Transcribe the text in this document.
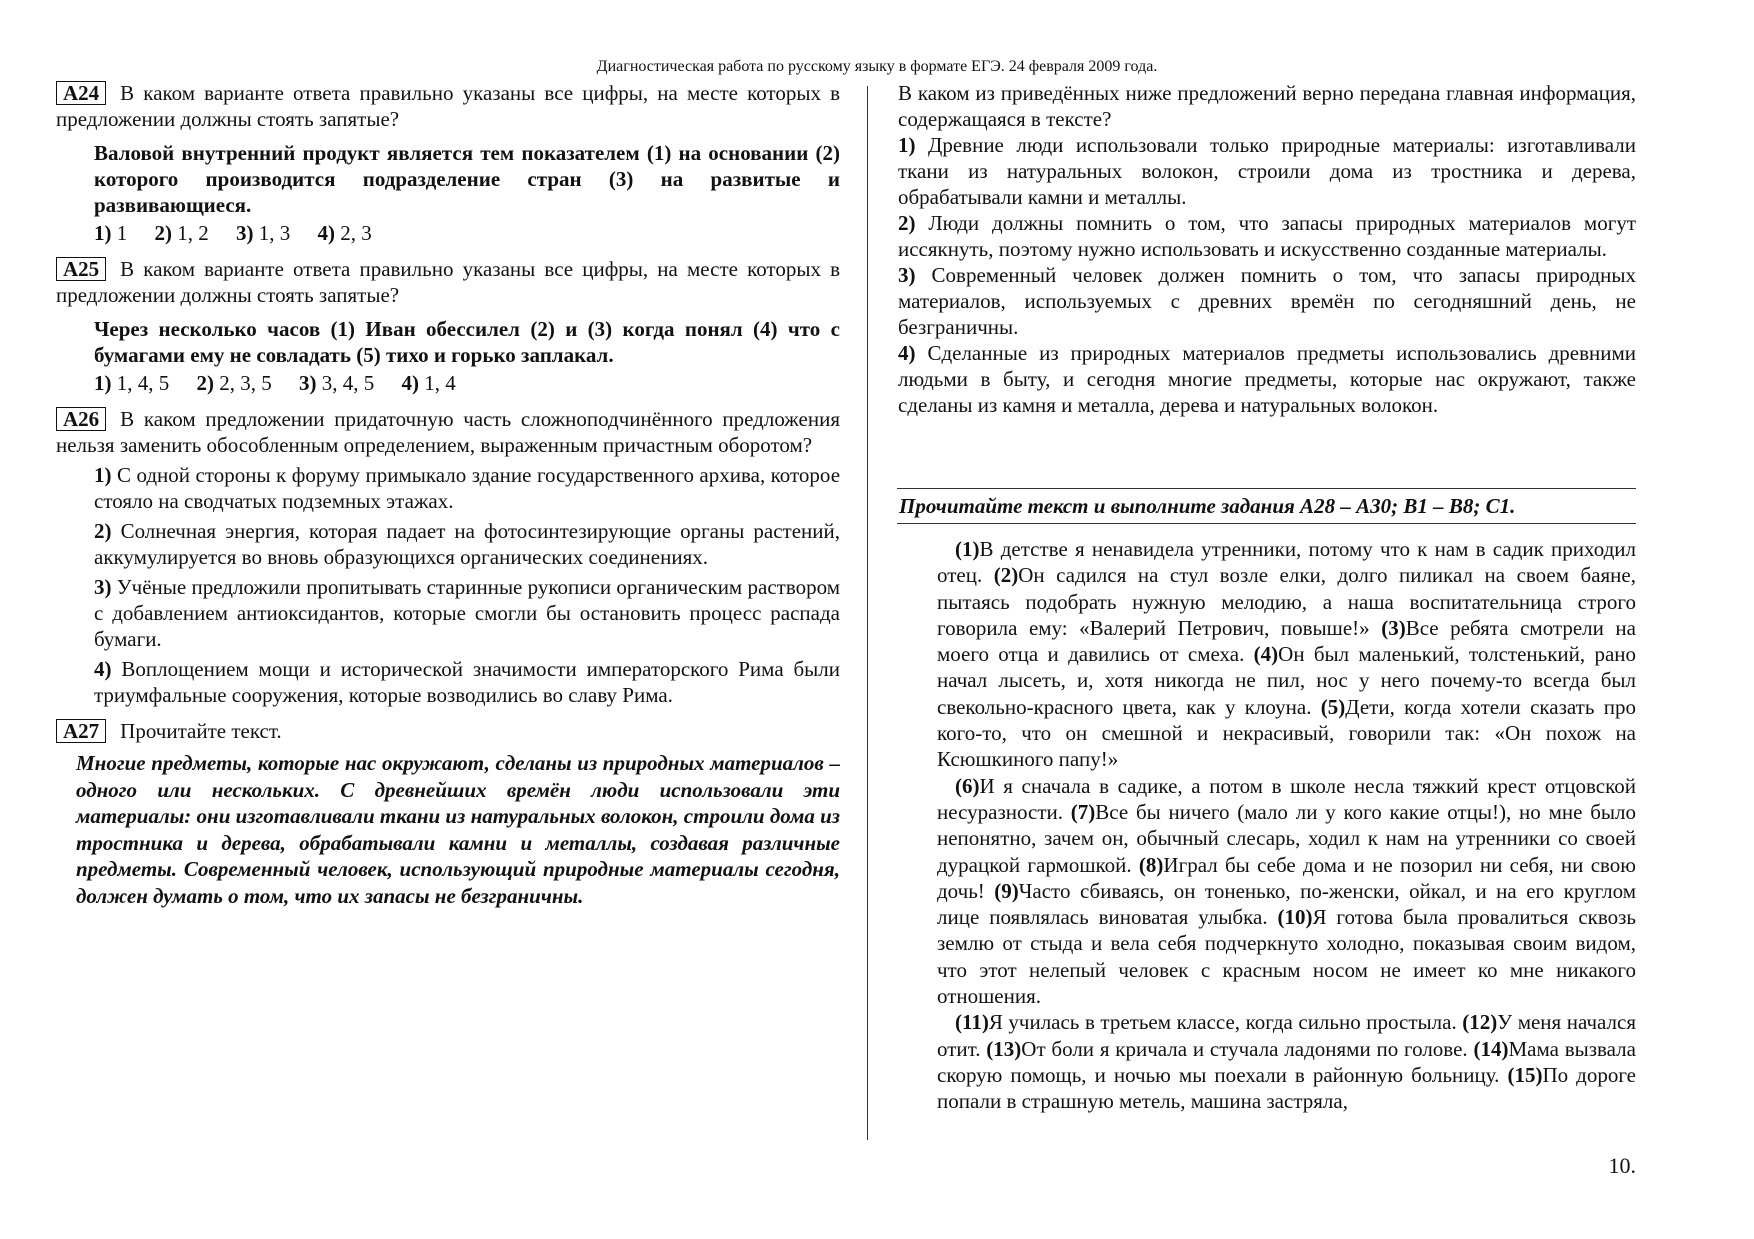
Диагностическая работа по русскому языку в формате ЕГЭ. 24 февраля 2009 года.
А24 В каком варианте ответа правильно указаны все цифры, на месте которых в предложении должны стоять запятые?
Валовой внутренний продукт является тем показателем (1) на основании (2) которого производится подразделение стран (3) на развитые и развивающиеся.
1) 1 2) 1, 2 3) 1, 3 4) 2, 3
А25 В каком варианте ответа правильно указаны все цифры, на месте которых в предложении должны стоять запятые?
Через несколько часов (1) Иван обессилел (2) и (3) когда понял (4) что с бумагами ему не совладать (5) тихо и горько заплакал.
1) 1, 4, 5 2) 2, 3, 5 3) 3, 4, 5 4) 1, 4
А26 В каком предложении придаточную часть сложноподчинённого предложения нельзя заменить обособленным определением, выраженным причастным оборотом?
1) С одной стороны к форуму примыкало здание государственного архива, которое стояло на сводчатых подземных этажах.
2) Солнечная энергия, которая падает на фотосинтезирующие органы растений, аккумулируется во вновь образующихся органических соединениях.
3) Учёные предложили пропитывать старинные рукописи органическим раствором с добавлением антиоксидантов, которые смогли бы остановить процесс распада бумаги.
4) Воплощением мощи и исторической значимости императорского Рима были триумфальные сооружения, которые возводились во славу Рима.
А27 Прочитайте текст.
Многие предметы, которые нас окружают, сделаны из природных материалов – одного или нескольких. С древнейших времён люди использовали эти материалы: они изготавливали ткани из натуральных волокон, строили дома из тростника и дерева, обрабатывали камни и металлы, создавая различные предметы. Современный человек, использующий природные материалы сегодня, должен думать о том, что их запасы не безграничны.
В каком из приведённых ниже предложений верно передана главная информация, содержащаяся в тексте?
1) Древние люди использовали только природные материалы: изготавливали ткани из натуральных волокон, строили дома из тростника и дерева, обрабатывали камни и металлы.
2) Люди должны помнить о том, что запасы природных материалов могут иссякнуть, поэтому нужно использовать и искусственно созданные материалы.
3) Современный человек должен помнить о том, что запасы природных материалов, используемых с древних времён по сегодняшний день, не безграничны.
4) Сделанные из природных материалов предметы использовались древними людьми в быту, и сегодня многие предметы, которые нас окружают, также сделаны из камня и металла, дерева и натуральных волокон.
Прочитайте текст и выполните задания А28 – А30; В1 – В8; С1.

(1)В детстве я ненавидела утренники, потому что к нам в садик приходил отец. (2)Он садился на стул возле елки, долго пиликал на своем баяне, пытаясь подобрать нужную мелодию, а наша воспитательница строго говорила ему: «Валерий Петрович, повыше!» (3)Все ребята смотрели на моего отца и давились от смеха. (4)Он был маленький, толстенький, рано начал лысеть, и, хотя никогда не пил, нос у него почему-то всегда был свекольно-красного цвета, как у клоуна. (5)Дети, когда хотели сказать про кого-то, что он смешной и некрасивый, говорили так: «Он похож на Ксюшкиного папу!»

(6)И я сначала в садике, а потом в школе несла тяжкий крест отцовской несуразности. (7)Все бы ничего (мало ли у кого какие отцы!), но мне было непонятно, зачем он, обычный слесарь, ходил к нам на утренники со своей дурацкой гармошкой. (8)Играл бы себе дома и не позорил ни себя, ни свою дочь! (9)Часто сбиваясь, он тоненько, по-женски, ойкал, и на его круглом лице появлялась виноватая улыбка. (10)Я готова была провалиться сквозь землю от стыда и вела себя подчеркнуто холодно, показывая своим видом, что этот нелепый человек с красным носом не имеет ко мне никакого отношения.

(11)Я училась в третьем классе, когда сильно простыла. (12)У меня начался отит. (13)От боли я кричала и стучала ладонями по голове. (14)Мама вызвала скорую помощь, и ночью мы поехали в районную больницу. (15)По дороге попали в страшную метель, машина застряла,

10.
